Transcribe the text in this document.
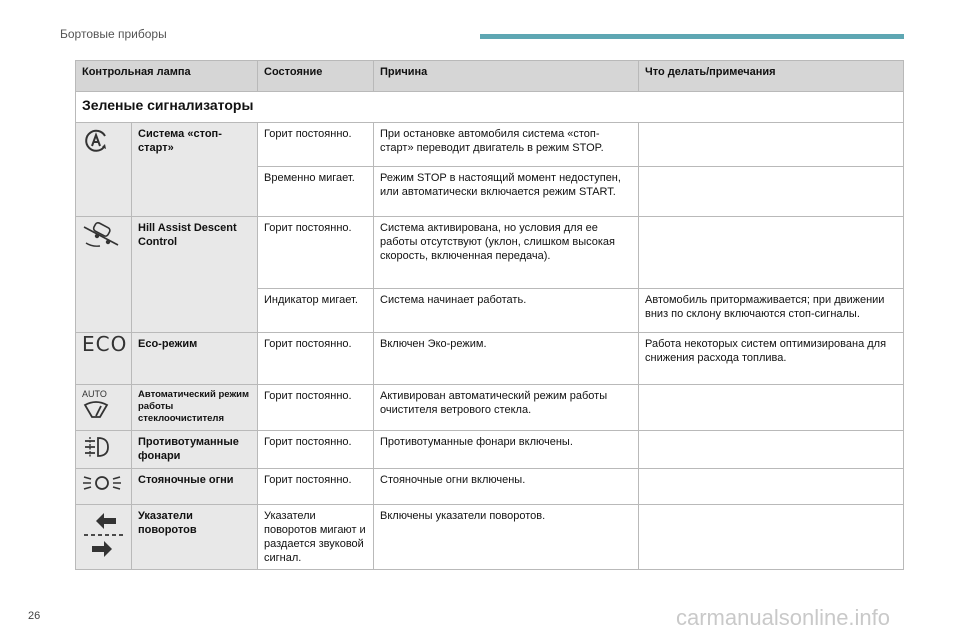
Бортовые приборы
Контрольная лампа		Состояние	Причина	Что делать/примечания
Зеленые сигнализаторы				
	Система «стоп-старт»	Горит постоянно.	При остановке автомобиля система «стоп-старт» переводит двигатель в режим STOP.	
		Временно мигает.	Режим STOP в настоящий момент недоступен, или автоматически включается режим START.	
	Hill Assist Descent Control	Горит постоянно.	Система активирована, но условия для ее работы отсутствуют (уклон, слишком высокая скорость, включенная передача).	
		Индикатор мигает.	Система начинает работать.	Автомобиль притормаживается; при движении вниз по склону включаются стоп-сигналы.
ECO	Eco-режим	Горит постоянно.	Включен Эко-режим.	Работа некоторых систем оптимизирована для снижения расхода топлива.

AUTO	Автоматический режим работы стеклоочистителя	Горит постоянно.	Активирован автоматический режим работы очистителя ветрового стекла.	
	Противотуманные фонари	Горит постоянно.	Противотуманные фонари включены.	
	Стояночные огни	Горит постоянно.	Стояночные огни включены.	
	Указатели поворотов	Указатели поворотов мигают и раздается звуковой сигнал.	Включены указатели поворотов.	
26	carmanualsonline.info
